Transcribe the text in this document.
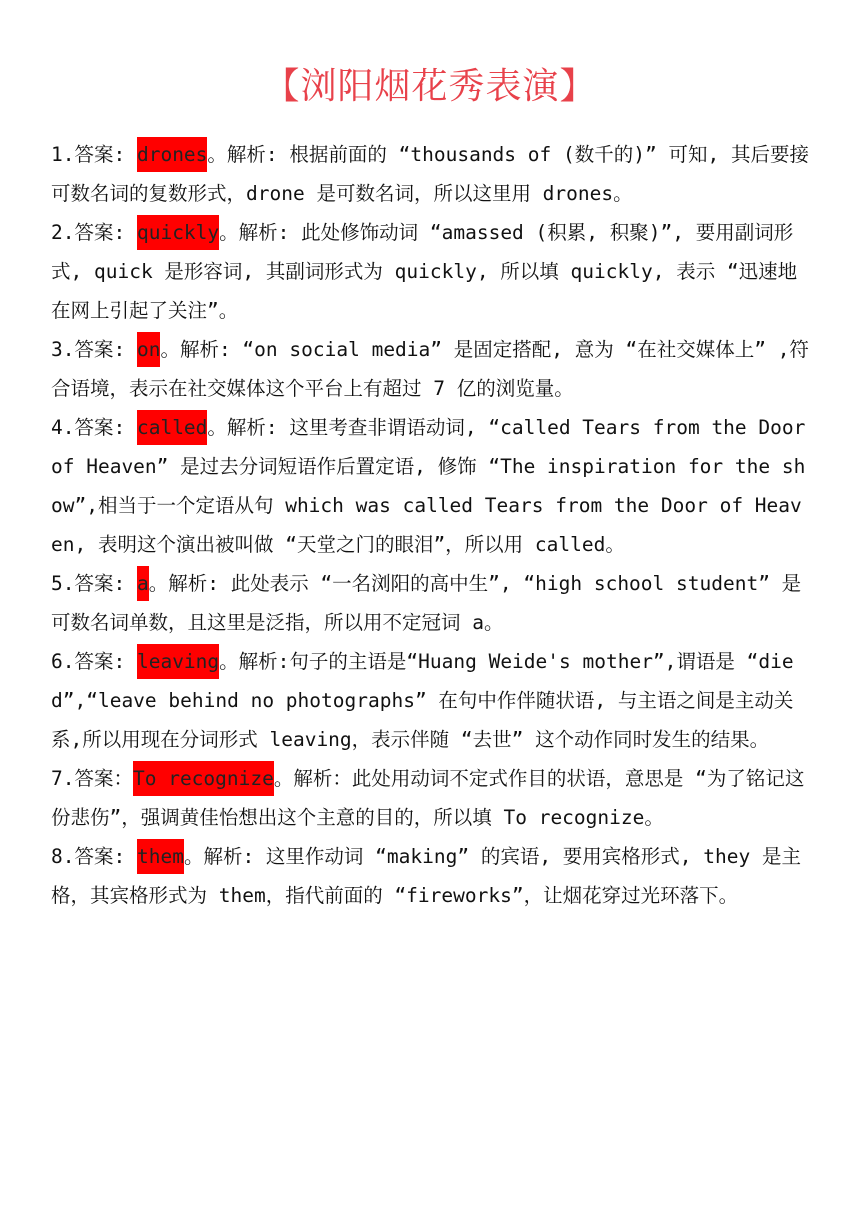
【浏阳烟花秀表演】

1.答案: drones。解析: 根据前面的 “thousands of (数千的)” 可知, 其后要接可数名词的复数形式，drone 是可数名词，所以这里用 drones。

2.答案: quickly。解析: 此处修饰动词 “amassed (积累, 积聚)”, 要用副词形式, quick 是形容词, 其副词形式为 quickly, 所以填 quickly, 表示 “迅速地在网上引起了关注”。

3.答案: on。解析: “on social media” 是固定搭配, 意为 “在社交媒体上” ,符合语境，表示在社交媒体这个平台上有超过 7 亿的浏览量。

4.答案: called。解析: 这里考查非谓语动词, “called Tears from the Door of Heaven” 是过去分词短语作后置定语, 修饰 “The inspiration for the show”,相当于一个定语从句 which was called Tears from the Door of Heaven, 表明这个演出被叫做 “天堂之门的眼泪”，所以用 called。

5.答案: a。解析: 此处表示 “一名浏阳的高中生”, “high school student” 是可数名词单数，且这里是泛指，所以用不定冠词 a。

6.答案: leaving。解析:句子的主语是“Huang Weide's mother”,谓语是 “died”,“leave behind no photographs” 在句中作伴随状语, 与主语之间是主动关系,所以用现在分词形式 leaving，表示伴随 “去世” 这个动作同时发生的结果。

7.答案：To recognize。解析：此处用动词不定式作目的状语，意思是 “为了铭记这份悲伤”，强调黄佳怡想出这个主意的目的，所以填 To recognize。

8.答案: them。解析: 这里作动词 “making” 的宾语, 要用宾格形式, they 是主格，其宾格形式为 them，指代前面的 “fireworks”，让烟花穿过光环落下。
